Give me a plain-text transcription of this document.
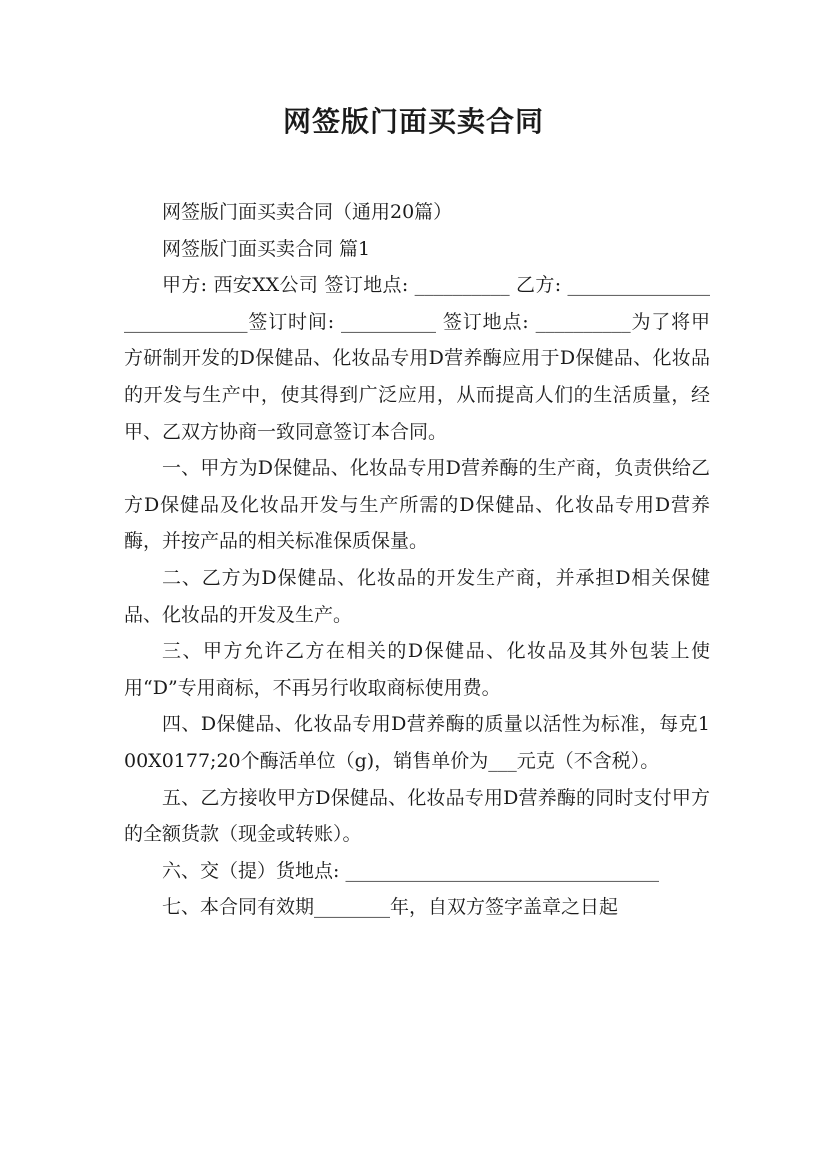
网签版门面买卖合同

网签版门面买卖合同（通用20篇）

网签版门面买卖合同 篇1

甲方: 西安XX公司 签订地点: __________ 乙方: ____________________________签订时间: __________ 签订地点: __________为了将甲方研制开发的D保健品、化妆品专用D营养酶应用于D保健品、化妆品的开发与生产中，使其得到广泛应用，从而提高人们的生活质量，经甲、乙双方协商一致同意签订本合同。

一、甲方为D保健品、化妆品专用D营养酶的生产商，负责供给乙方D保健品及化妆品开发与生产所需的D保健品、化妆品专用D营养酶，并按产品的相关标准保质保量。

二、乙方为D保健品、化妆品的开发生产商，并承担D相关保健品、化妆品的开发及生产。

三、甲方允许乙方在相关的D保健品、化妆品及其外包装上使用“D”专用商标，不再另行收取商标使用费。

四、D保健品、化妆品专用D营养酶的质量以活性为标准，每克100X0177;20个酶活单位（g)，销售单价为___元克（不含税）。

五、乙方接收甲方D保健品、化妆品专用D营养酶的同时支付甲方的全额货款（现金或转账）。

六、交（提）货地点: _________________________________

七、本合同有效期________年，自双方签字盖章之日起
